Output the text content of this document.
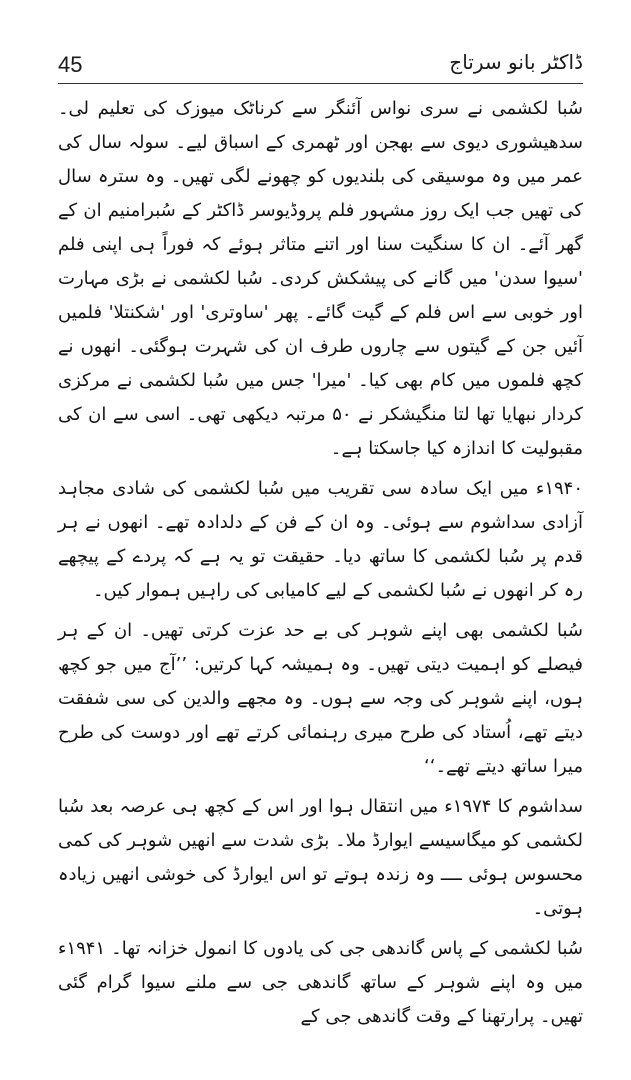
45	ڈاکٹر بانو سرتاج

سُبا لکشمی نے سری نواس آئنگر سے کرناٹک میوزک کی تعلیم لی۔ سدھیشوری دیوی سے بھجن اور ٹھمری کے اسباق لیے۔ سولہ سال کی عمر میں وہ موسیقی کی بلندیوں کو چھونے لگی تھیں۔ وہ سترہ سال کی تھیں جب ایک روز مشہور فلم پروڈیوسر ڈاکٹر کے سُبرامنیم ان کے گھر آئے۔ ان کا سنگیت سنا اور اتنے متاثر ہوئے کہ فوراً ہی اپنی فلم 'سیوا سدن' میں گانے کی پیشکش کردی۔ سُبا لکشمی نے بڑی مہارت اور خوبی سے اس فلم کے گیت گائے۔ پھر 'ساوتری' اور 'شکنتلا' فلمیں آئیں جن کے گیتوں سے چاروں طرف ان کی شہرت ہوگئی۔ انھوں نے کچھ فلموں میں کام بھی کیا۔ 'میرا' جس میں سُبا لکشمی نے مرکزی کردار نبھایا تھا لتا منگیشکر نے ۵۰ مرتبہ دیکھی تھی۔ اسی سے ان کی مقبولیت کا اندازہ کیا جاسکتا ہے۔

۱۹۴۰ء میں ایک سادہ سی تقریب میں سُبا لکشمی کی شادی مجاہد آزادی سداشوم سے ہوئی۔ وہ ان کے فن کے دلدادہ تھے۔ انھوں نے ہر قدم پر سُبا لکشمی کا ساتھ دیا۔ حقیقت تو یہ ہے کہ پردے کے پیچھے رہ کر انھوں نے سُبا لکشمی کے لیے کامیابی کی راہیں ہموار کیں۔

سُبا لکشمی بھی اپنے شوہر کی بے حد عزت کرتی تھیں۔ ان کے ہر فیصلے کو اہمیت دیتی تھیں۔ وہ ہمیشہ کہا کرتیں: ’’آج میں جو کچھ ہوں، اپنے شوہر کی وجہ سے ہوں۔ وہ مجھے والدین کی سی شفقت دیتے تھے، اُستاد کی طرح میری رہنمائی کرتے تھے اور دوست کی طرح میرا ساتھ دیتے تھے۔‘‘

سداشوم کا ۱۹۷۴ء میں انتقال ہوا اور اس کے کچھ ہی عرصہ بعد سُبا لکشمی کو میگاسیسے ایوارڈ ملا۔ بڑی شدت سے انھیں شوہر کی کمی محسوس ہوئی ــــ وہ زندہ ہوتے تو اس ایوارڈ کی خوشی انھیں زیادہ ہوتی۔

سُبا لکشمی کے پاس گاندھی جی کی یادوں کا انمول خزانہ تھا۔ ۱۹۴۱ء میں وہ اپنے شوہر کے ساتھ گاندھی جی سے ملنے سیوا گرام گئی تھیں۔ پرارتھنا کے وقت گاندھی جی کے
